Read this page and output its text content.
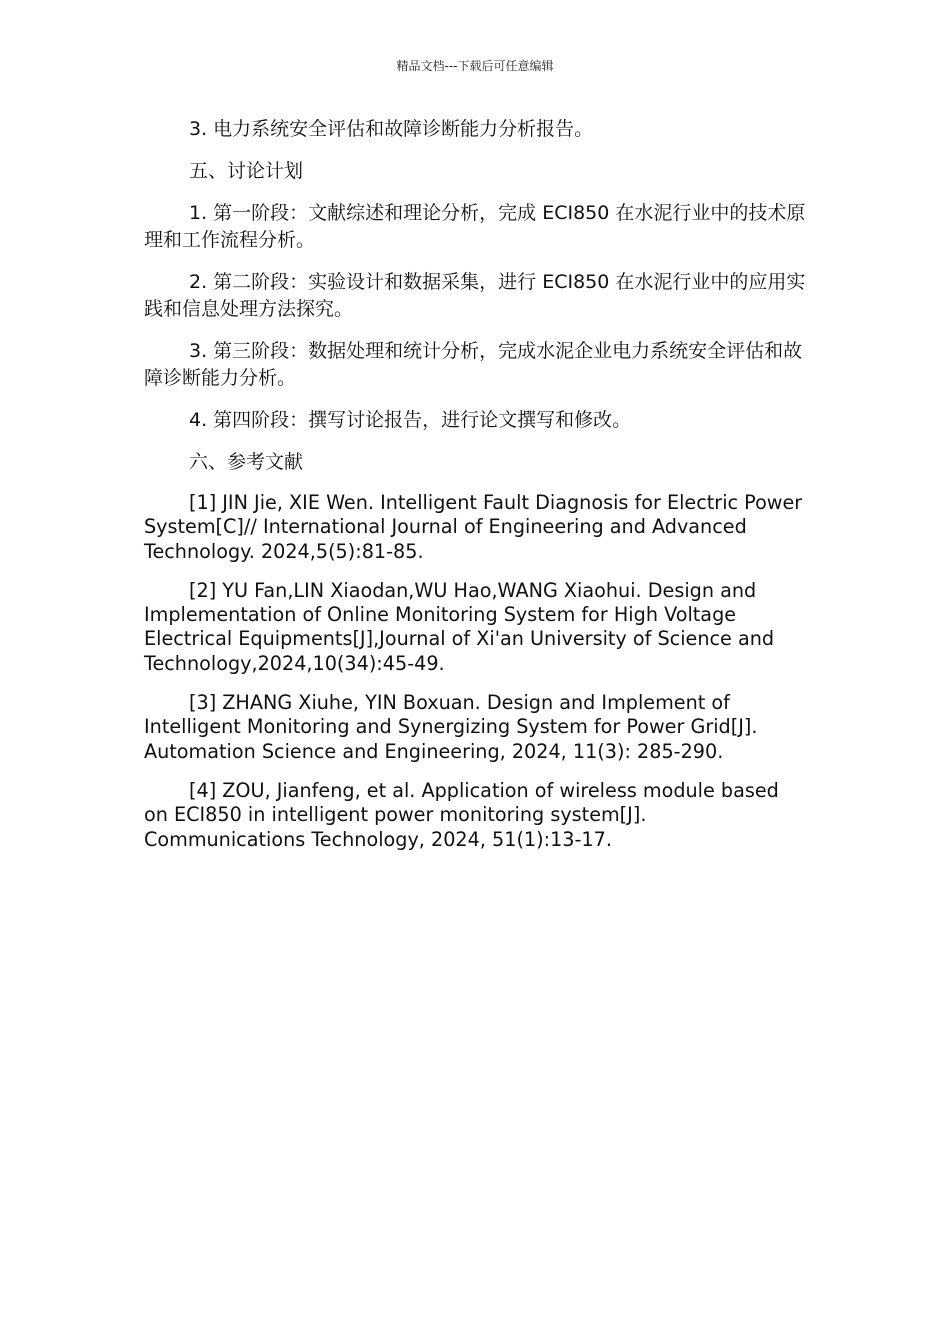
精品文档---下载后可任意编辑

3. 电力系统安全评估和故障诊断能力分析报告。

五、讨论计划

1. 第一阶段：文献综述和理论分析，完成 ECI850 在水泥行业中的技术原理和工作流程分析。

2. 第二阶段：实验设计和数据采集，进行 ECI850 在水泥行业中的应用实践和信息处理方法探究。

3. 第三阶段：数据处理和统计分析，完成水泥企业电力系统安全评估和故障诊断能力分析。

4. 第四阶段：撰写讨论报告，进行论文撰写和修改。

六、参考文献

[1] JIN Jie, XIE Wen. Intelligent Fault Diagnosis for Electric Power System[C]// International Journal of Engineering and Advanced Technology. 2024,5(5):81-85.

[2] YU Fan,LIN Xiaodan,WU Hao,WANG Xiaohui. Design and Implementation of Online Monitoring System for High Voltage Electrical Equipments[J],Journal of Xi'an University of Science and Technology,2024,10(34):45-49.

[3] ZHANG Xiuhe, YIN Boxuan. Design and Implement of Intelligent Monitoring and Synergizing System for Power Grid[J]. Automation Science and Engineering, 2024, 11(3): 285-290.

[4] ZOU, Jianfeng, et al. Application of wireless module based on ECI850 in intelligent power monitoring system[J]. Communications Technology, 2024, 51(1):13-17.
